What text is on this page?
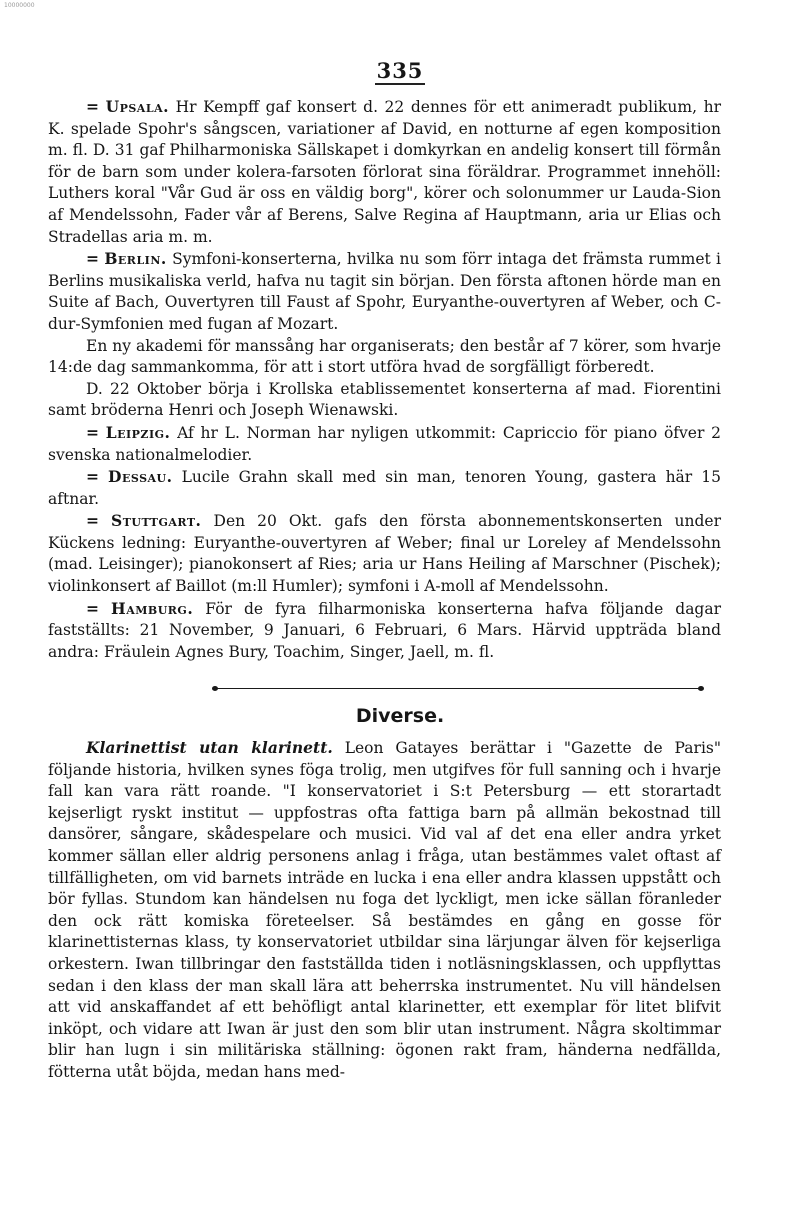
10000000
335

= Upsala. Hr Kempff gaf konsert d. 22 dennes för ett animeradt publikum, hr K. spelade Spohr's sångscen, variationer af David, en notturne af egen komposition m. fl. D. 31 gaf Philharmoniska Sällskapet i domkyrkan en andelig konsert till förmån för de barn som under kolera-farsoten förlorat sina föräldrar. Programmet innehöll: Luthers koral "Vår Gud är oss en väldig borg", körer och solonummer ur Lauda-Sion af Mendelssohn, Fader vår af Berens, Salve Regina af Hauptmann, aria ur Elias och Stradellas aria m. m.

= Berlin. Symfoni-konserterna, hvilka nu som förr intaga det främsta rummet i Berlins musikaliska verld, hafva nu tagit sin början. Den första aftonen hörde man en Suite af Bach, Ouvertyren till Faust af Spohr, Euryanthe-ouvertyren af Weber, och C-dur-Symfonien med fugan af Mozart.

En ny akademi för manssång har organiserats; den består af 7 körer, som hvarje 14:de dag sammankomma, för att i stort utföra hvad de sorgfälligt förberedt.

D. 22 Oktober börja i Krollska etablissementet konserterna af mad. Fiorentini samt bröderna Henri och Joseph Wienawski.

= Leipzig. Af hr L. Norman har nyligen utkommit: Capriccio för piano öfver 2 svenska nationalmelodier.

= Dessau. Lucile Grahn skall med sin man, tenoren Young, gastera här 15 aftnar.

= Stuttgart. Den 20 Okt. gafs den första abonnementskonserten under Kückens ledning: Euryanthe-ouvertyren af Weber; final ur Loreley af Mendelssohn (mad. Leisinger); pianokonsert af Ries; aria ur Hans Heiling af Marschner (Pischek); violinkonsert af Baillot (m:ll Humler); symfoni i A-moll af Mendelssohn.

= Hamburg. För de fyra filharmoniska konserterna hafva följande dagar fastställts: 21 November, 9 Januari, 6 Februari, 6 Mars. Härvid uppträda bland andra: Fräulein Agnes Bury, Toachim, Singer, Jaell, m. fl.

Diverse.

Klarinettist utan klarinett. Leon Gatayes berättar i "Gazette de Paris" följande historia, hvilken synes föga trolig, men utgifves för full sanning och i hvarje fall kan vara rätt roande. "I konservatoriet i S:t Petersburg — ett storartadt kejserligt ryskt institut — uppfostras ofta fattiga barn på allmän bekostnad till dansörer, sångare, skådespelare och musici. Vid val af det ena eller andra yrket kommer sällan eller aldrig personens anlag i fråga, utan bestämmes valet oftast af tillfälligheten, om vid barnets inträde en lucka i ena eller andra klassen uppstått och bör fyllas. Stundom kan händelsen nu foga det lyckligt, men icke sällan föranleder den ock rätt komiska företeelser. Så bestämdes en gång en gosse för klarinettisternas klass, ty konservatoriet utbildar sina lärjungar älven för kejserliga orkestern. Iwan tillbringar den fastställda tiden i notläsningsklassen, och uppflyttas sedan i den klass der man skall lära att beherrska instrumentet. Nu vill händelsen att vid anskaffandet af ett behöfligt antal klarinetter, ett exemplar för litet blifvit inköpt, och vidare att Iwan är just den som blir utan instrument. Några skoltimmar blir han lugn i sin militäriska ställning: ögonen rakt fram, händerna nedfällda, fötterna utåt böjda, medan hans med-
